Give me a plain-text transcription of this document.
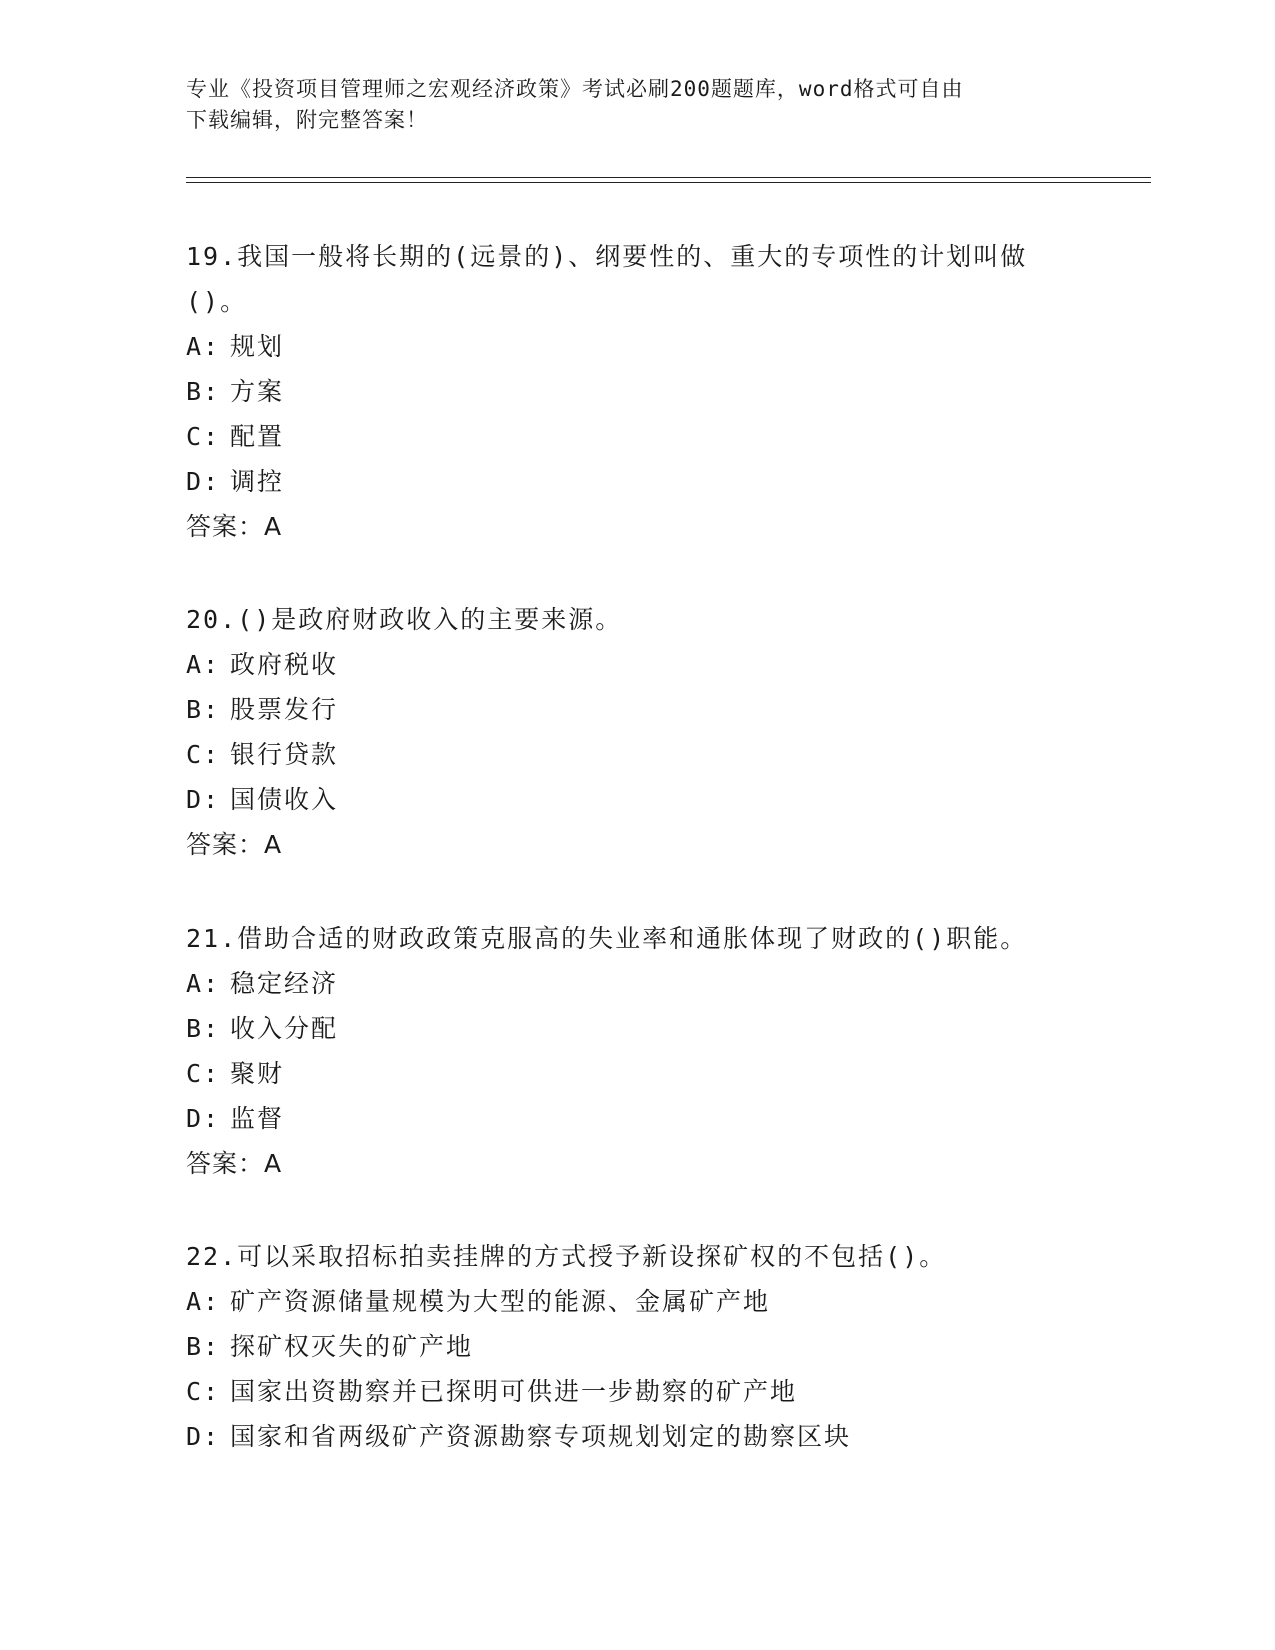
专业《投资项目管理师之宏观经济政策》考试必刷200题题库，word格式可自由
下载编辑，附完整答案！

19.我国一般将长期的(远景的)、纲要性的、重大的专项性的计划叫做
()。

A: 规划

B: 方案

C: 配置

D: 调控

答案：A

20.()是政府财政收入的主要来源。

A: 政府税收

B: 股票发行

C: 银行贷款

D: 国债收入

答案：A

21.借助合适的财政政策克服高的失业率和通胀体现了财政的()职能。

A: 稳定经济

B: 收入分配

C: 聚财

D: 监督

答案：A

22.可以采取招标拍卖挂牌的方式授予新设探矿权的不包括()。

A: 矿产资源储量规模为大型的能源、金属矿产地

B: 探矿权灭失的矿产地

C: 国家出资勘察并已探明可供进一步勘察的矿产地

D: 国家和省两级矿产资源勘察专项规划划定的勘察区块
